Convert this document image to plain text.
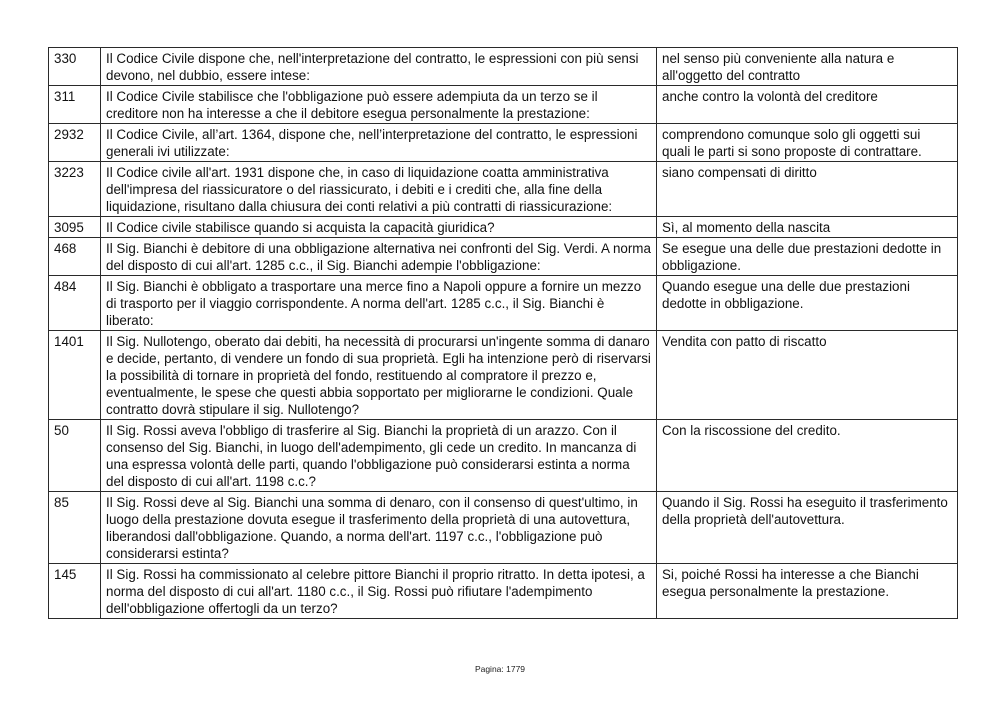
330	Il Codice Civile dispone che, nell'interpretazione del contratto, le espressioni con più sensi devono, nel dubbio, essere intese:	nel senso più conveniente alla natura e all'oggetto del contratto
311	Il Codice Civile stabilisce che l'obbligazione può essere adempiuta da un terzo se il creditore non ha interesse a che il debitore esegua personalmente la prestazione:	anche contro la volontà del creditore
2932	Il Codice Civile, all’art. 1364, dispone che, nell’interpretazione del contratto, le espressioni generali ivi utilizzate:	comprendono comunque solo gli oggetti sui quali le parti si sono proposte di contrattare.
3223	Il Codice civile all'art. 1931 dispone che, in caso di liquidazione coatta amministrativa dell'impresa del riassicuratore o del riassicurato, i debiti e i crediti che, alla fine della liquidazione, risultano dalla chiusura dei conti relativi a più contratti di riassicurazione:	siano compensati di diritto
3095	Il Codice civile stabilisce quando si acquista la capacità giuridica?	Sì, al momento della nascita
468	Il Sig. Bianchi è debitore di una obbligazione alternativa nei confronti del Sig. Verdi. A norma del disposto di cui all'art. 1285 c.c., il Sig. Bianchi adempie l'obbligazione:	Se esegue una delle due prestazioni dedotte in obbligazione.
484	Il Sig. Bianchi è obbligato a trasportare una merce fino a Napoli oppure a fornire un mezzo di trasporto per il viaggio corrispondente. A norma dell'art. 1285 c.c., il Sig. Bianchi è liberato:	Quando esegue una delle due prestazioni dedotte in obbligazione.
1401	Il Sig. Nullotengo, oberato dai debiti, ha necessità di procurarsi un'ingente somma di danaro e decide, pertanto, di vendere un fondo di sua proprietà. Egli ha intenzione però di riservarsi la possibilità di tornare in proprietà del fondo, restituendo al compratore il prezzo e, eventualmente, le spese che questi abbia sopportato per migliorarne le condizioni. Quale contratto dovrà stipulare il sig. Nullotengo?	Vendita con patto di riscatto
50	Il Sig. Rossi aveva l'obbligo di trasferire al Sig. Bianchi la proprietà di un arazzo. Con il consenso del Sig. Bianchi, in luogo dell'adempimento, gli cede un credito. In mancanza di una espressa volontà delle parti, quando l'obbligazione può considerarsi estinta a norma del disposto di cui all'art. 1198 c.c.?	Con la riscossione del credito.
85	Il Sig. Rossi deve al Sig. Bianchi una somma di denaro, con il consenso di quest'ultimo, in luogo della prestazione dovuta esegue il trasferimento della proprietà di una autovettura, liberandosi dall'obbligazione. Quando, a norma dell'art. 1197 c.c., l'obbligazione può considerarsi estinta?	Quando il Sig. Rossi ha eseguito il trasferimento della proprietà dell'autovettura.
145	Il Sig. Rossi ha commissionato al celebre pittore Bianchi il proprio ritratto. In detta ipotesi, a norma del disposto di cui all'art. 1180 c.c., il Sig. Rossi può rifiutare l'adempimento dell'obbligazione offertogli da un terzo?	Si, poiché Rossi ha interesse a che Bianchi esegua personalmente la prestazione.
Pagina: 1779
